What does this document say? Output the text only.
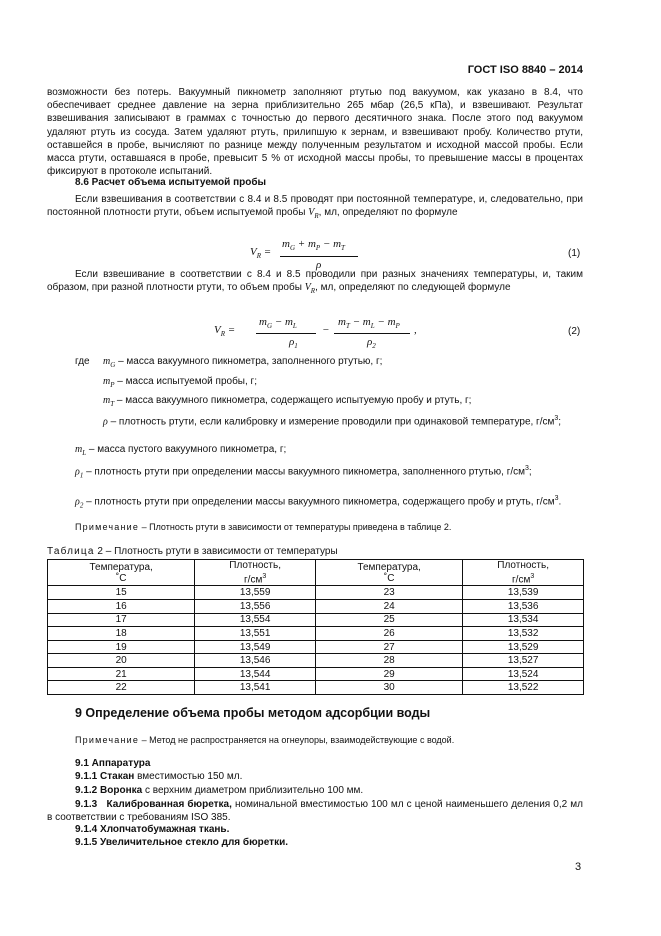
ГОСТ ISO 8840 – 2014
возможности без потерь. Вакуумный пикнометр заполняют ртутью под вакуумом, как указано в 8.4, что обеспечивает среднее давление на зерна приблизительно 265 мбар (26,5 кПа), и взвешивают. Результат взвешивания записывают в граммах с точностью до первого десятичного знака. После этого под вакуумом удаляют ртуть из сосуда. Затем удаляют ртуть, прилипшую к зернам, и взвешивают пробу. Количество ртути, оставшейся в пробе, вычисляют по разнице между полученным результатом и исходной массой пробы. Если масса ртути, оставшаяся в пробе, превысит 5 % от исходной массы пробы, то превышение массы в процентах фиксируют в протоколе испытаний.
8.6 Расчет объема испытуемой пробы
Если взвешивания в соответствии с 8.4 и 8.5 проводят при постоянной температуре, и, следовательно, при постоянной плотности ртути, объем испытуемой пробы $V_R$, мл, определяют по формуле
$V_R$ =
$m_G + m_P - m_T$
ρ
(1)
Если взвешивание в соответствии с 8.4 и 8.5 проводили при разных значениях температуры, и, таким образом, при разной плотности ртути, то объем пробы $V_R$, мл, определяют по следующей формуле
$V_R$ =
$m_G - m_L$
$\rho_1$
−
$m_T - m_L - m_P$
$\rho_2$
,	(2)
где $m_G$ – масса вакуумного пикнометра, заполненного ртутью, г;
$m_P$ – масса испытуемой пробы, г;
$m_T$ – масса вакуумного пикнометра, содержащего испытуемую пробу и ртуть, г;
ρ – плотность ртути, если калибровку и измерение проводили при одинаковой температуре, $г/см^3$;
$m_L$ – масса пустого вакуумного пикнометра, г;
$\rho_1$ – плотность ртути при определении массы вакуумного пикнометра, заполненного ртутью, $г/см^3$;
$\rho_2$ – плотность ртути при определении массы вакуумного пикнометра, содержащего пробу и ртуть, $г/см^3$.
Примечание – Плотность ртути в зависимости от температуры приведена в таблице 2.
Таблица 2 – Плотность ртути в зависимости от температуры
Температура,
˚C	Плотность,
$г/см^3$	Температура,
˚C	Плотность,
$г/см^3$
15	13,559	23	13,539
16	13,556	24	13,536
17	13,554	25	13,534
18	13,551	26	13,532
19	13,549	27	13,529
20	13,546	28	13,527
21	13,544	29	13,524
22	13,541	30	13,522
9 Определение объема пробы методом адсорбции воды
Примечание – Метод не распространяется на огнеупоры, взаимодействующие с водой.
9.1 Аппаратура
9.1.1 Стакан вместимостью 150 мл.
9.1.2 Воронка с верхним диаметром приблизительно 100 мм.
9.1.3 Калиброванная бюретка, номинальной вместимостью 100 мл с ценой наименьшего деления 0,2 мл в соответствии с требованиям ISO 385.
9.1.4 Хлопчатобумажная ткань.
9.1.5 Увеличительное стекло для бюретки.
3
